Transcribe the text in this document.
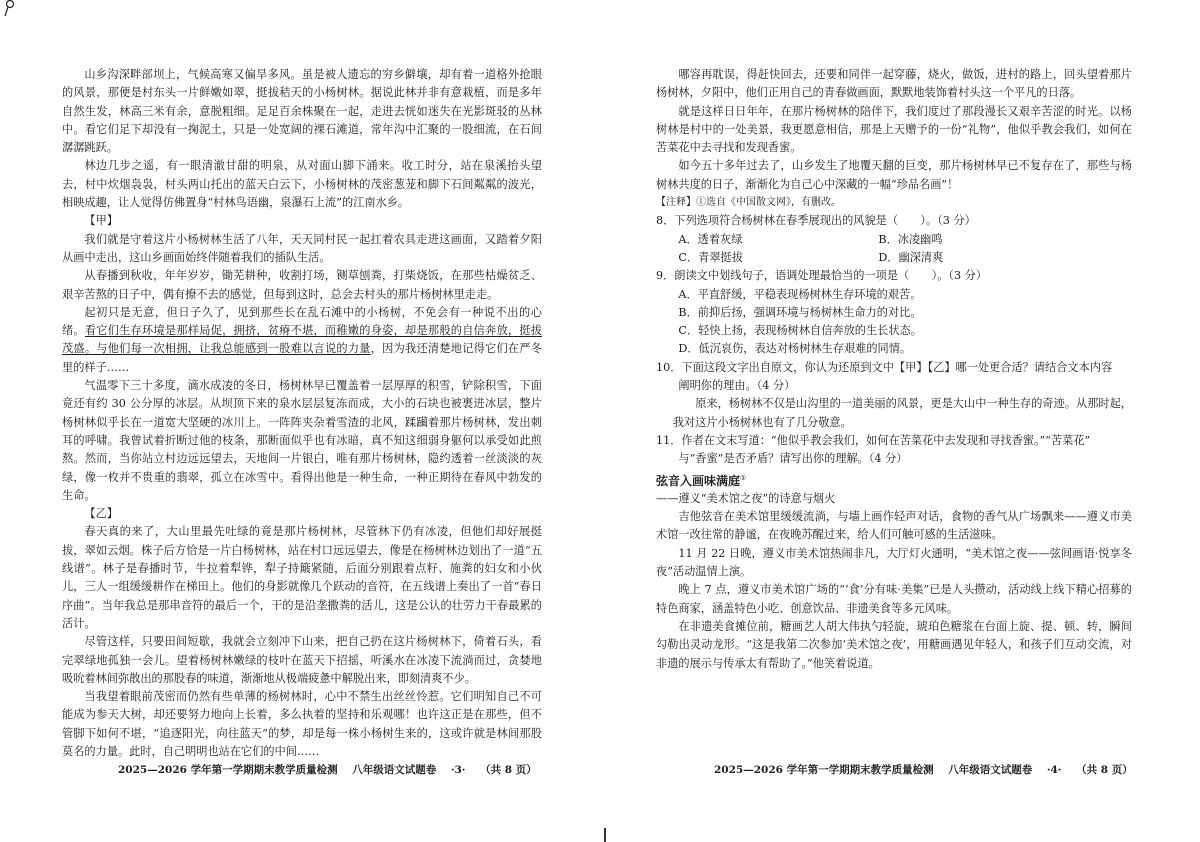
山乡沟深畔部坝上，气候高寒又偏旱多风。虽是被人遗忘的穷乡僻壤，却有着一道格外抢眼的风景，那便是村东头一片鲜嫩如翠，挺拔秸天的小杨树林。据说此林并非有意栽植，而是多年自然生发，林高三米有余，意脱粗细。足足百余株聚在一起，走进去恍如迷失在光影斑驳的丛林中。看它们足下却没有一掬泥土，只是一处宽阔的裸石滩道，常年沟中汇聚的一股细流，在石间潺潺跳跃。

林边几步之遥，有一眼清澈甘甜的明泉，从对面山脚下涌来。收工时分，站在泉溪抬头望去，村中炊烟袅袅，村头两山托出的蓝天白云下，小杨树林的茂密葱茏和脚下石间粼粼的波光，相映成趣，让人觉得仿佛置身“村林鸟语幽，泉瀑石上流”的江南水乡。

【甲】

我们就是守着这片小杨树林生活了八年，天天同村民一起扛着农具走进这画面，又踏着夕阳从画中走出，这山乡画面始终伴随着我们的插队生活。

从春播到秋收，年年岁岁，锄芜耕种，收割打场，铡草刨粪，打柴烧饭，在那些枯燥贫乏、艰辛苦熬的日子中，偶有撩不去的感觉，但每到这时，总会去村头的那片杨树林里走走。

起初只是无意，但日子久了，见到那些长在乱石滩中的小杨树，不免会有一种说不出的心绪。看它们生存环境是那样局促，拥挤，贫瘠不堪，而稚嫩的身姿，却是那般的自信奔放，挺拔茂盛。与他们每一次相拥，让我总能感到一股难以言说的力量，因为我还清楚地记得它们在严冬里的样子……

气温零下三十多度，滴水成凌的冬日，杨树林早已覆盖着一层厚厚的积雪，铲除积雪，下面竟还有约 30 公分厚的冰层。从坝顶下来的泉水层层复冻而成，大小的石块也被裹进冰层，整片杨树林似乎长在一道宽大坚硬的冰川上。一阵阵夹杂着雪渣的北风，蹂躏着那片杨树林，发出刺耳的呼啸。我曾试着折断过他的枝条，那断面似乎也有冰暗，真不知这细弱身躯何以承受如此煎熬。然而，当你站立村边远远望去，天地间一片银白，唯有那片杨树林，隐约透着一丝淡淡的灰绿，像一枚并不贵重的翡翠，孤立在冰雪中。看得出他是一种生命，一种正期待在春风中勃发的生命。

【乙】

春天真的来了，大山里最先吐绿的竟是那片杨树林，尽管林下仍有冰凌，但他们却好展挺拔，翠如云烟。株子后方恰是一片白杨树林，站在村口远远望去，像是在杨树林边划出了一道“五线谱”。林子是春播时节，牛拉着犁铧，犁子持簸紧随，后面分别跟着点籽、施粪的妇女和小伙儿，三人一组缓缓耕作在梯田上。他们的身影就像几个跃动的音符，在五线谱上奏出了一首“春日序曲”。当年我总是那串音符的最后一个，干的是沿垄撒粪的活儿，这是公认的壮劳力干春最累的活计。

尽管这样，只要田间短歇，我就会立刻冲下山来，把自己扔在这片杨树林下，倚着石头，看完翠绿地孤独一会儿。望着杨树林嫩绿的枝叶在蓝天下招摇，听溪水在冰凌下流淌而过，贪婪地吸吮着林间弥散出的那股春的味道，渐渐地从极端疲惫中解脱出来，即刻清爽不少。

当我望着眼前茂密而仍然有些单薄的杨树林时，心中不禁生出丝丝怜惹。它们明知自己不可能成为参天大树，却还要努力地向上长着，多么执着的坚持和乐观哪！也许这正是在那些，但不管脚下如何不堪，“追逐阳光，向往蓝天”的梦，却是每一株小杨树生来的，这或许就是林间那股莫名的力量。此时，自己明明也站在它们的中间……

2025—2026 学年第一学期期末教学质量检测    八年级语文试题卷    ·3·    （共 8 页）

哪容再耽误，得赶快回去，还要和同伴一起穿藤，烧火，做饭，进村的路上，回头望着那片杨树林，夕阳中，他们正用自己的青春做画面，默默地装饰着村头这一个平凡的日落。

就是这样日日年年，在那片杨树林的陪伴下，我们度过了那段漫长又艰辛苦涩的时光。以杨树林是村中的一处美景，我更愿意相信，那是上天赠予的一份“礼物”，他似乎教会我们，如何在苦菜花中去寻找和发现香蜜。

如今五十多年过去了，山乡发生了地覆天翻的巨变，那片杨树林早已不复存在了，那些与杨树林共度的日子，渐渐化为自己心中深藏的一幅“珍品名画”！

【注释】①选自《中国散文网》，有删改。

8．下列选项符合杨树林在春季展现出的风貌是（　　）。（3 分）

A．透着灰绿	B．冰凌幽鸣
C．青翠挺拔	D．幽深清爽

9．朗读文中划线句子，语调处理最恰当的一项是（　　）。（3 分）

A．平直舒缓，平稳表现杨树林生存环境的艰苦。

B．前抑后扬，强调环境与杨树林生命力的对比。

C．轻快上扬，表现杨树林自信奔放的生长状态。

D．低沉哀伤，表达对杨树林生存艰难的同情。

10．下面这段文字出自原文，你认为还原到文中【甲】【乙】哪一处更合适？请结合文本内容

阐明你的理由。（4 分）

原来，杨树林不仅是山沟里的一道美丽的风景，更是大山中一种生存的奇迹。从那时起，我对这片小杨树林也有了几分敬意。

11．作者在文末写道：“他似乎教会我们，如何在苦菜花中去发现和寻找香蜜。”“苦菜花”

与“香蜜”是否矛盾？请写出你的理解。（4 分）

弦音入画味满庭①

——遵义“美术馆之夜”的诗意与烟火

吉他弦音在美术馆里缓缓流淌，与墙上画作轻声对话，食物的香气从广场飘来——遵义市美术馆一改往常的静谧，在夜晚苏醒过来，给人们可触可感的生活滋味。

11 月 22 日晚，遵义市美术馆热闹非凡，大厅灯火通明，“美术馆之夜——弦间画语·悦享冬夜”活动温情上演。

晚上 7 点，遵义市美术馆广场的“‘食’分有味·美集”已是人头攒动，活动线上线下精心招募的特色商家，涵盖特色小吃、创意饮品、非遗美食等多元风味。

在非遗美食摊位前，糖画艺人胡大伟执勺轻旋，琥珀色糖浆在台面上旋、提、顿、转，瞬间勾勒出灵动龙形。“这是我第二次参加‘美术馆之夜’，用糖画遇见年轻人，和孩子们互动交流，对非遗的展示与传承太有帮助了。”他笑着说道。

2025—2026 学年第一学期期末教学质量检测    八年级语文试题卷    ·4·    （共 8 页）
